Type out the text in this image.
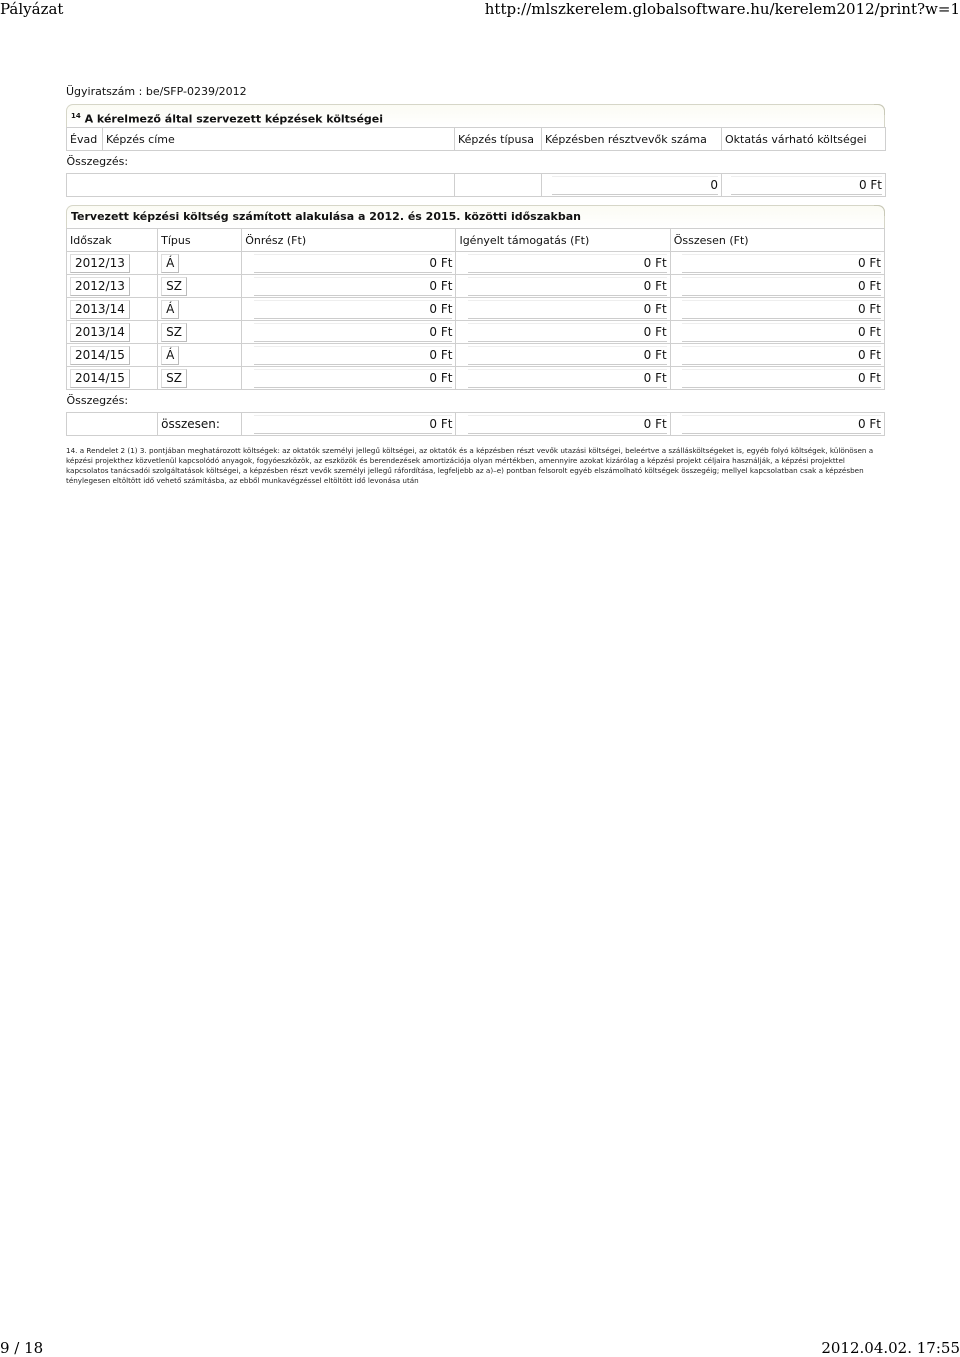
Pályázat	http://mlszkerelem.globalsoftware.hu/kerelem2012/print?w=1
Ügyiratszám : be/SFP-0239/2012
$^{14}$ A kérelmező által szervezett képzések költségei
Évad	Képzés címe	Képzés típusa	Képzésben résztvevők száma	Oktatás várható költségei
Összegzés:				

			0	0 Ft
Tervezett képzési költség számított alakulása a 2012. és 2015. közötti időszakban
Időszak	Típus	Önrész (Ft)	Igényelt támogatás (Ft)	Összesen (Ft)
2012/13	Á	0 Ft	0 Ft	0 Ft

2012/13	SZ	0 Ft	0 Ft	0 Ft

2013/14	Á	0 Ft	0 Ft	0 Ft

2013/14	SZ	0 Ft	0 Ft	0 Ft

2014/15	Á	0 Ft	0 Ft	0 Ft

2014/15	SZ	0 Ft	0 Ft	0 Ft

Összegzés:				
	összesen:	0 Ft	0 Ft	0 Ft
14. a Rendelet 2 (1) 3. pontjában meghatározott költségek: az oktatók személyi jellegű költségei, az oktatók és a képzésben részt vevők utazási költségei, beleértve a szállásköltségeket is, egyéb folyó költségek, különösen a képzési projekthez közvetlenül kapcsolódó anyagok, fogyóeszközök, az eszközök és berendezések amortizációja olyan mértékben, amennyire azokat kizárólag a képzési projekt céljaira használják, a képzési projekttel kapcsolatos tanácsadói szolgáltatások költségei, a képzésben részt vevők személyi jellegű ráfordítása, legfeljebb az a)–e) pontban felsorolt egyéb elszámolható költségek összegéig; mellyel kapcsolatban csak a képzésben ténylegesen eltöltött idő vehető számításba, az ebből munkavégzéssel eltöltött idő levonása után
9 / 18	2012.04.02. 17:55
